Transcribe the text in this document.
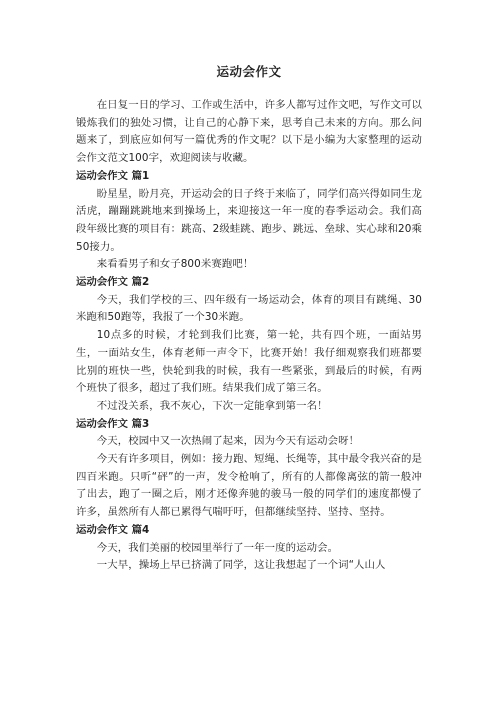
运动会作文

在日复一日的学习、工作或生活中，许多人都写过作文吧，写作文可以锻炼我们的独处习惯，让自己的心静下来，思考自己未来的方向。那么问题来了，到底应如何写一篇优秀的作文呢？以下是小编为大家整理的运动会作文范文100字，欢迎阅读与收藏。

运动会作文 篇1

盼星星，盼月亮，开运动会的日子终于来临了，同学们高兴得如同生龙活虎，蹦蹦跳跳地来到操场上，来迎接这一年一度的春季运动会。我们高段年级比赛的项目有：跳高、2级蛙跳、跑步、跳远、垒球、实心球和20乘50接力。

来看看男子和女子800米赛跑吧！

运动会作文 篇2

今天，我们学校的三、四年级有一场运动会，体育的项目有跳绳、30米跑和50跑等，我报了一个30米跑。

10点多的时候，才轮到我们比赛，第一轮，共有四个班，一面站男生，一面站女生，体育老师一声令下，比赛开始！我仔细观察我们班都要比别的班快一些，快轮到我的时候，我有一些紧张，到最后的时候，有两个班快了很多，超过了我们班。结果我们成了第三名。

不过没关系，我不灰心，下次一定能拿到第一名！

运动会作文 篇3

今天，校园中又一次热闹了起来，因为今天有运动会呀！

今天有许多项目，例如：接力跑、短绳、长绳等，其中最令我兴奋的是四百米跑。只听“砰”的一声，发令枪响了，所有的人都像离弦的箭一般冲了出去，跑了一圈之后，刚才还像奔驰的骏马一般的同学们的速度都慢了许多，虽然所有人都已累得气喘吁吁，但都继续坚持、坚持、坚持。

运动会作文 篇4

今天，我们美丽的校园里举行了一年一度的运动会。

一大早，操场上早已挤满了同学，这让我想起了一个词“人山人
